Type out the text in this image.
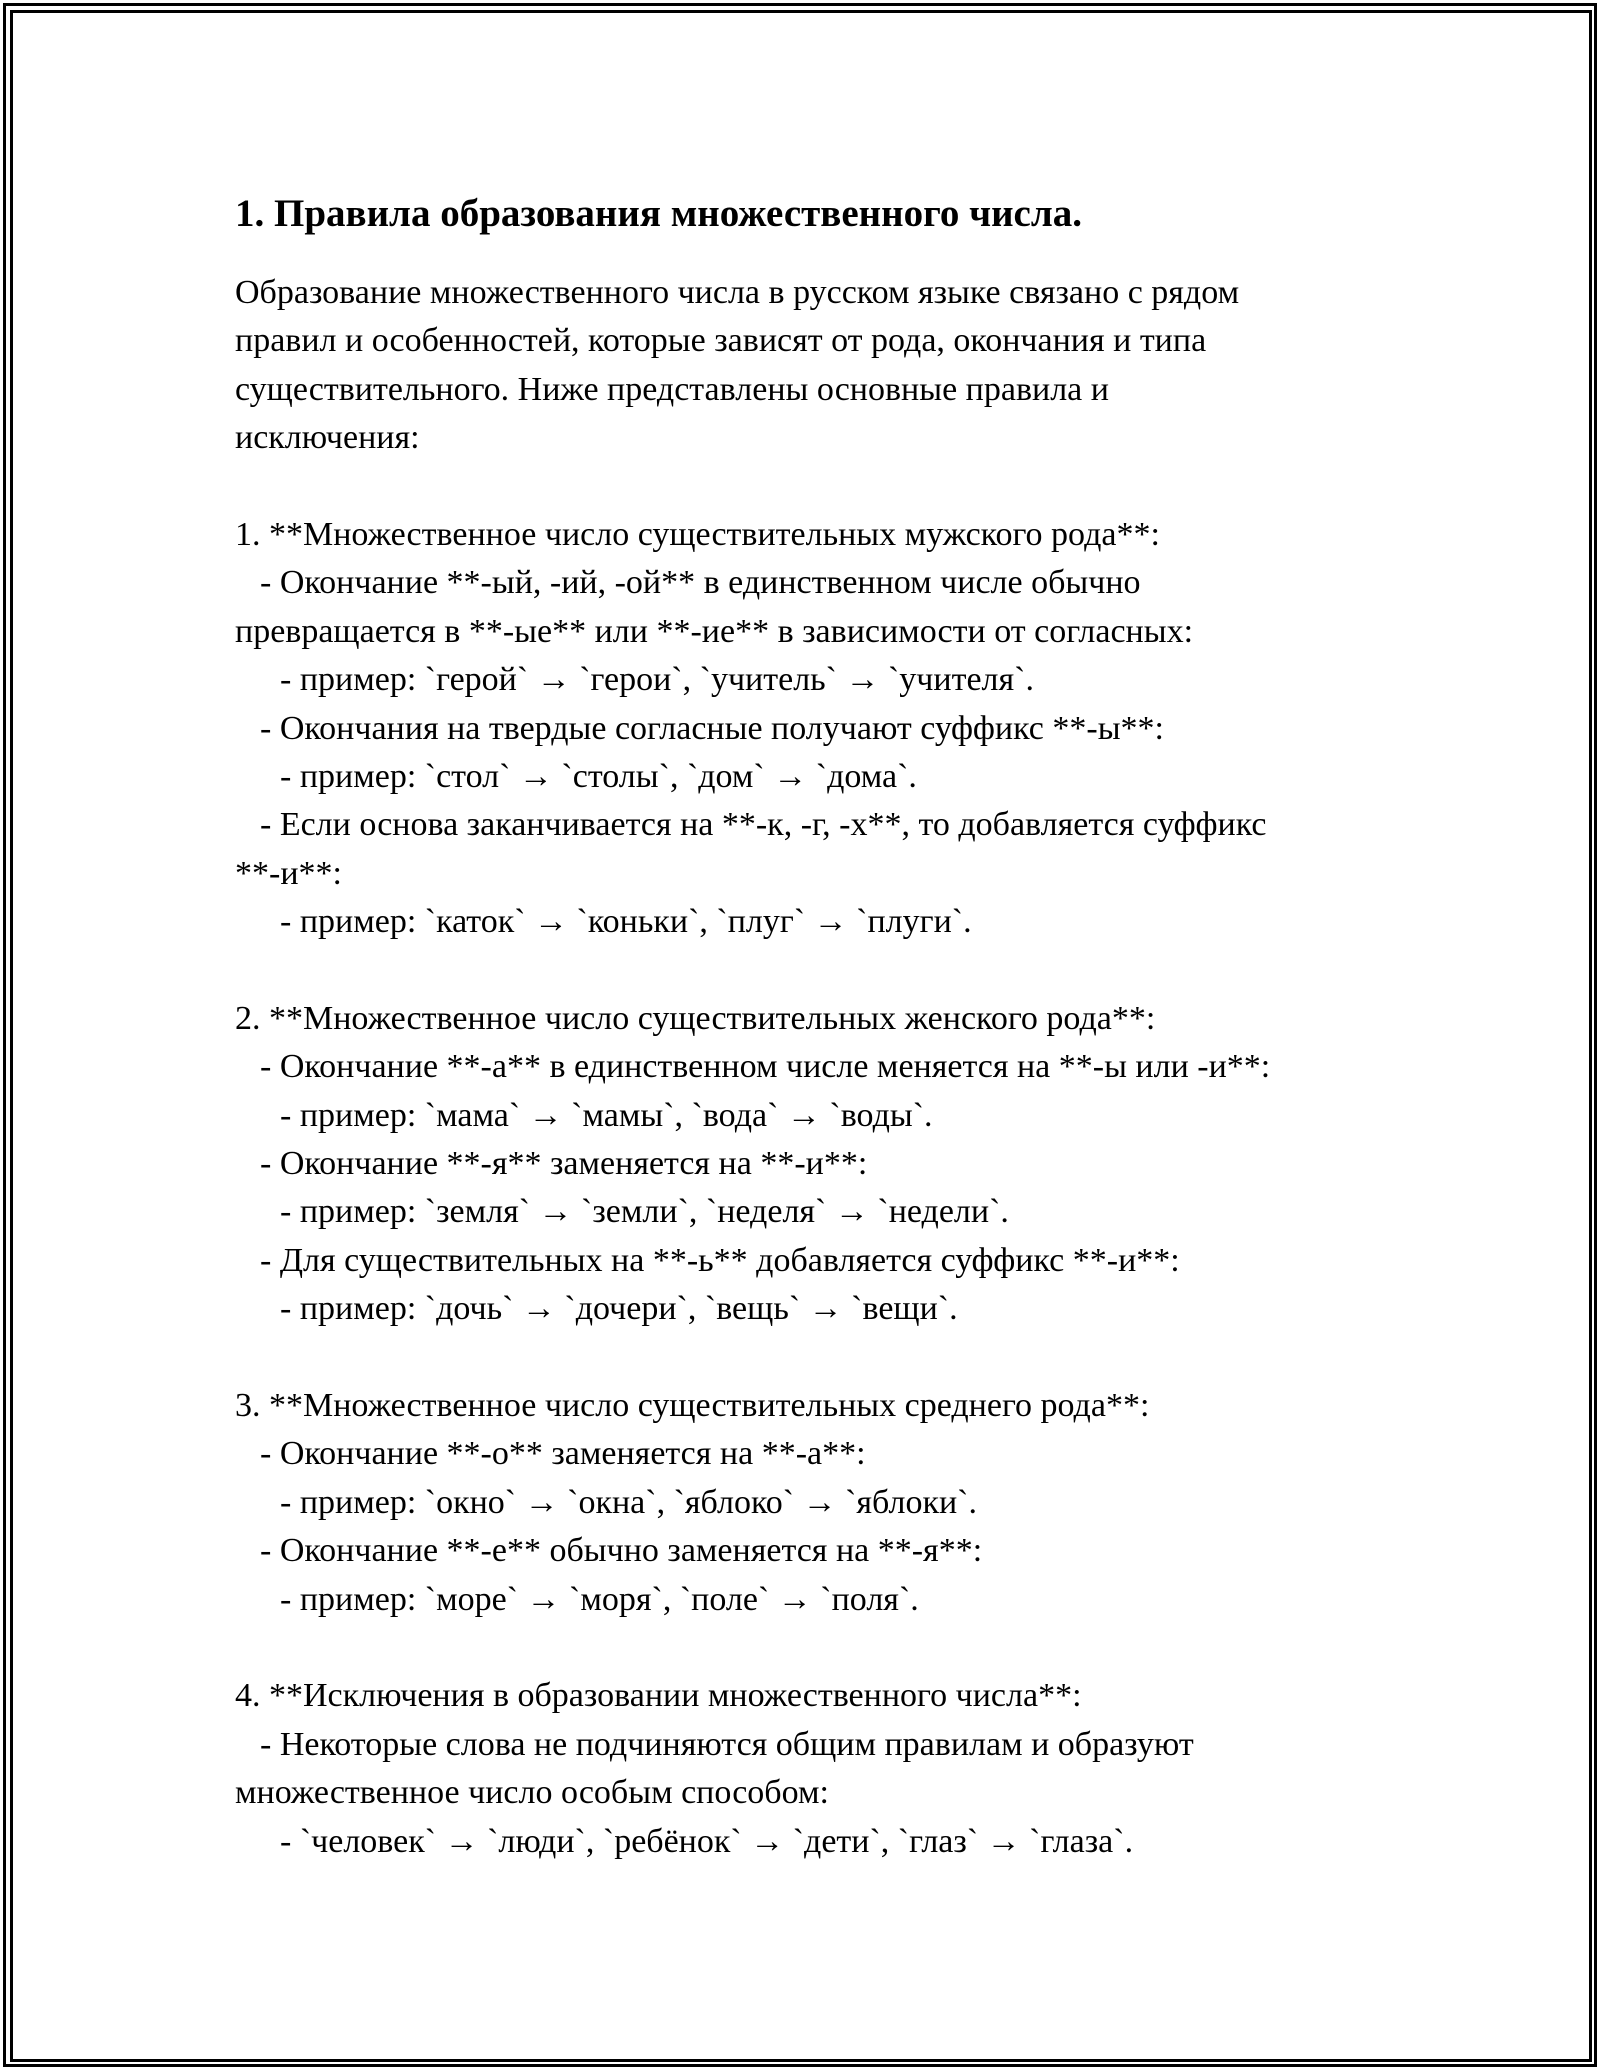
1. Правила образования множественного числа.
Образование множественного числа в русском языке связано с рядом
правил и особенностей, которые зависят от рода, окончания и типа
существительного. Ниже представлены основные правила и
исключения:
1. **Множественное число существительных мужского рода**:
- Окончание **-ый, -ий, -ой** в единственном числе обычно
превращается в **-ые** или **-ие** в зависимости от согласных:
- пример: `герой` → `герои`, `учитель` → `учителя`.
- Окончания на твердые согласные получают суффикс **-ы**:
- пример: `стол` → `столы`, `дом` → `дома`.
- Если основа заканчивается на **-к, -г, -х**, то добавляется суффикс
**-и**:
- пример: `каток` → `коньки`, `плуг` → `плуги`.
2. **Множественное число существительных женского рода**:
- Окончание **-а** в единственном числе меняется на **-ы или -и**:
- пример: `мама` → `мамы`, `вода` → `воды`.
- Окончание **-я** заменяется на **-и**:
- пример: `земля` → `земли`, `неделя` → `недели`.
- Для существительных на **-ь** добавляется суффикс **-и**:
- пример: `дочь` → `дочери`, `вещь` → `вещи`.
3. **Множественное число существительных среднего рода**:
- Окончание **-о** заменяется на **-а**:
- пример: `окно` → `окна`, `яблоко` → `яблоки`.
- Окончание **-е** обычно заменяется на **-я**:
- пример: `море` → `моря`, `поле` → `поля`.
4. **Исключения в образовании множественного числа**:
- Некоторые слова не подчиняются общим правилам и образуют
множественное число особым способом:
- `человек` → `люди`, `ребёнок` → `дети`, `глаз` → `глаза`.
